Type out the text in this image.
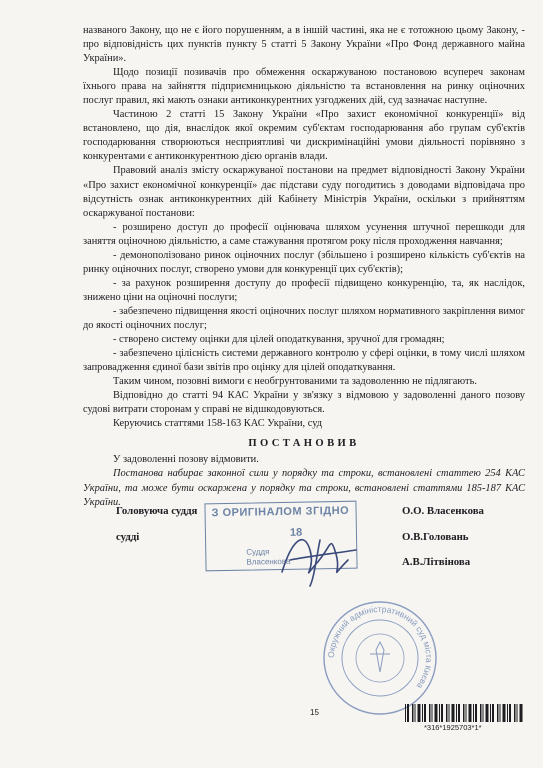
названого Закону, що не є його порушенням, а в іншій частині, яка не є тотожною цьому Закону, - про відповідність цих пунктів пункту 5 статті 5 Закону України «Про Фонд державного майна України».

Щодо позиції позивачів про обмеження оскаржуваною постановою всупереч законам їхнього права на зайняття підприємницькою діяльністю та встановлення на ринку оціночних послуг правил, які мають ознаки антиконкурентних узгоджених дій, суд зазначає наступне.

Частиною 2 статті 15 Закону України «Про захист економічної конкуренції» від встановлено, що дія, внаслідок якої окремим суб'єктам господарювання або групам суб'єктів господарювання створюються несприятливі чи дискримінаційні умови діяльності порівняно з конкурентами є антиконкурентною дією органів влади.

Правовий аналіз змісту оскаржуваної постанови на предмет відповідності Закону України «Про захист економічної конкуренції» дає підстави суду погодитись з доводами відповідача про відсутність ознак антиконкурентних дій Кабінету Міністрів України, оскільки з прийняттям оскаржуваної постанови:

- розширено доступ до професії оцінювача шляхом усунення штучної перешкоди для заняття оціночною діяльністю, а саме стажування протягом року після проходження навчання;

- демонополізовано ринок оціночних послуг (збільшено і розширено кількість суб'єктів на ринку оціночних послуг, створено умови для конкуренції цих суб'єктів);

- за рахунок розширення доступу до професії підвищено конкуренцію, та, як наслідок, знижено ціни на оціночні послуги;

- забезпечено підвищення якості оціночних послуг шляхом нормативного закріплення вимог до якості оціночних послуг;

- створено систему оцінки для цілей оподаткування, зручної для громадян;

- забезпечено цілісність системи державного контролю у сфері оцінки, в тому числі шляхом запровадження єдиної бази звітів про оцінку для цілей оподаткування.

Таким чином, позовні вимоги є необгрунтованими та задоволенню не підлягають.

Відповідно до статті 94 КАС України у зв'язку з відмовою у задоволенні даного позову судові витрати сторонам у справі не відшкодовуються.

Керуючись статтями 158-163 КАС України, суд

ПОСТАНОВИВ

У задоволенні позову відмовити.

Постанова набирає законної сили у порядку та строки, встановлені статтею 254 КАС України, та може бути оскаржена у порядку та строки, встановлені статтями 185-187 КАС України.

Головуюча суддя	О.О. Власенкова
судді	О.В.Головань
А.В.Літвінова
З ОРИГІНАЛОМ ЗГІДНО
18
Суддя
Власенкова
Окружний адміністративний суд міста Києва
15
*316*1925703*1*
